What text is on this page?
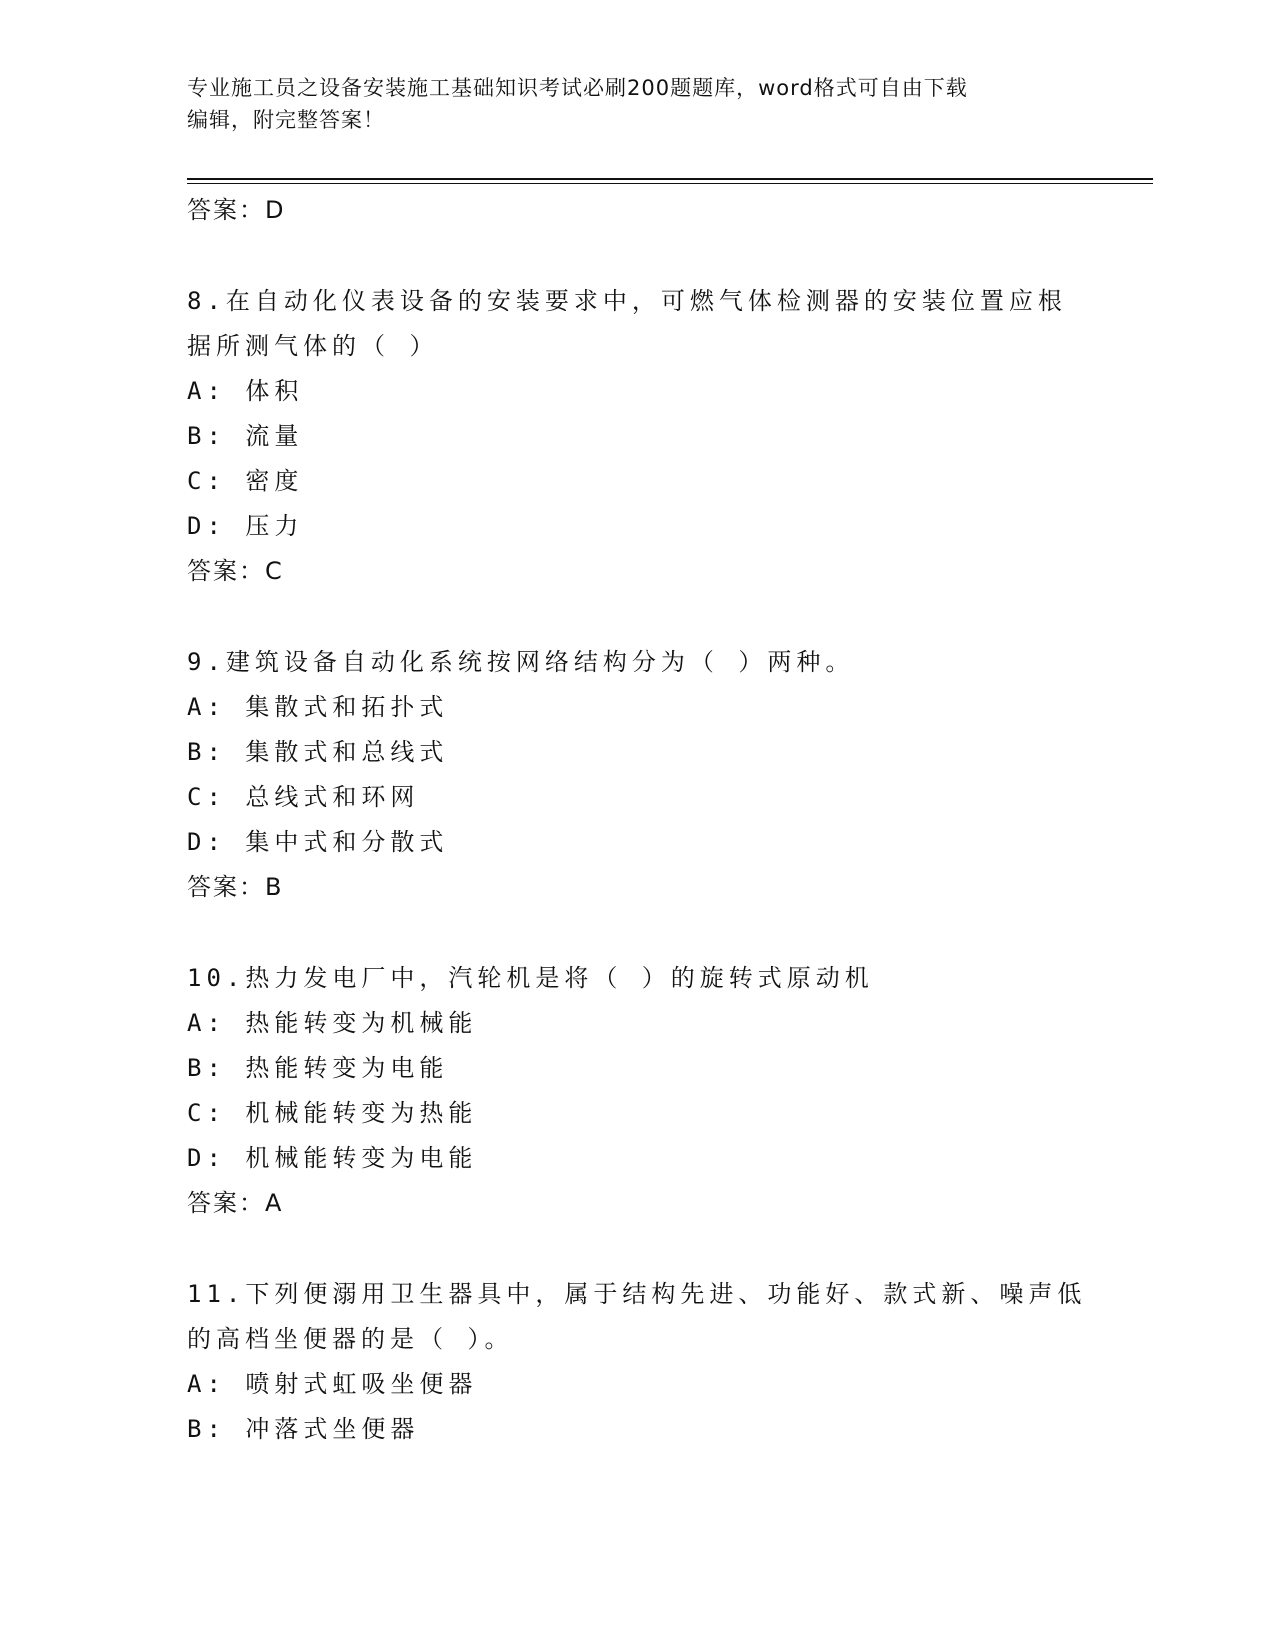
专业施工员之设备安装施工基础知识考试必刷200题题库，word格式可自由下载
编辑，附完整答案！
答案：D
8.在自动化仪表设备的安装要求中，可燃气体检测器的安装位置应根
据所测气体的（ ）
A: 体积
B: 流量
C: 密度
D: 压力
答案：C
9.建筑设备自动化系统按网络结构分为（ ）两种。
A: 集散式和拓扑式
B: 集散式和总线式
C: 总线式和环网
D: 集中式和分散式
答案：B
10.热力发电厂中，汽轮机是将（ ）的旋转式原动机
A: 热能转变为机械能
B: 热能转变为电能
C: 机械能转变为热能
D: 机械能转变为电能
答案：A
11.下列便溺用卫生器具中，属于结构先进、功能好、款式新、噪声低
的高档坐便器的是（ ）。
A: 喷射式虹吸坐便器
B: 冲落式坐便器
